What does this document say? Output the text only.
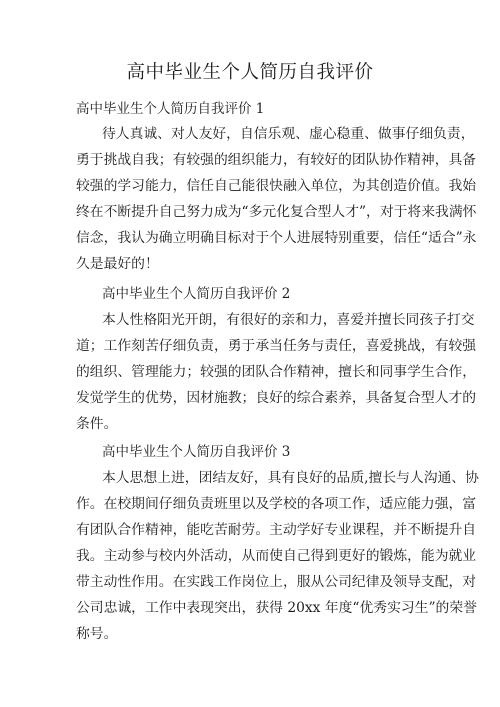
高中毕业生个人简历自我评价

高中毕业生个人简历自我评价 1

待人真诚、对人友好，自信乐观、虚心稳重、做事仔细负责，

勇于挑战自我；有较强的组织能力，有较好的团队协作精神，具备

较强的学习能力，信任自己能很快融入单位，为其创造价值。我始

终在不断提升自己努力成为“多元化复合型人才”，对于将来我满怀

信念，我认为确立明确目标对于个人进展特别重要，信任“适合”永

久是最好的！

高中毕业生个人简历自我评价 2

本人性格阳光开朗，有很好的亲和力，喜爱并擅长同孩子打交

道；工作刻苦仔细负责，勇于承当任务与责任，喜爱挑战，有较强

的组织、管理能力；较强的团队合作精神，擅长和同事学生合作，

发觉学生的优势，因材施教；良好的综合素养，具备复合型人才的

条件。

高中毕业生个人简历自我评价 3

本人思想上进，团结友好，具有良好的品质,擅长与人沟通、协

作。在校期间仔细负责班里以及学校的各项工作，适应能力强，富

有团队合作精神，能吃苦耐劳。主动学好专业课程，并不断提升自

我。主动参与校内外活动，从而使自己得到更好的锻炼，能为就业

带主动性作用。在实践工作岗位上，服从公司纪律及领导支配，对

公司忠诚，工作中表现突出，获得 20xx 年度“优秀实习生”的荣誉

称号。
